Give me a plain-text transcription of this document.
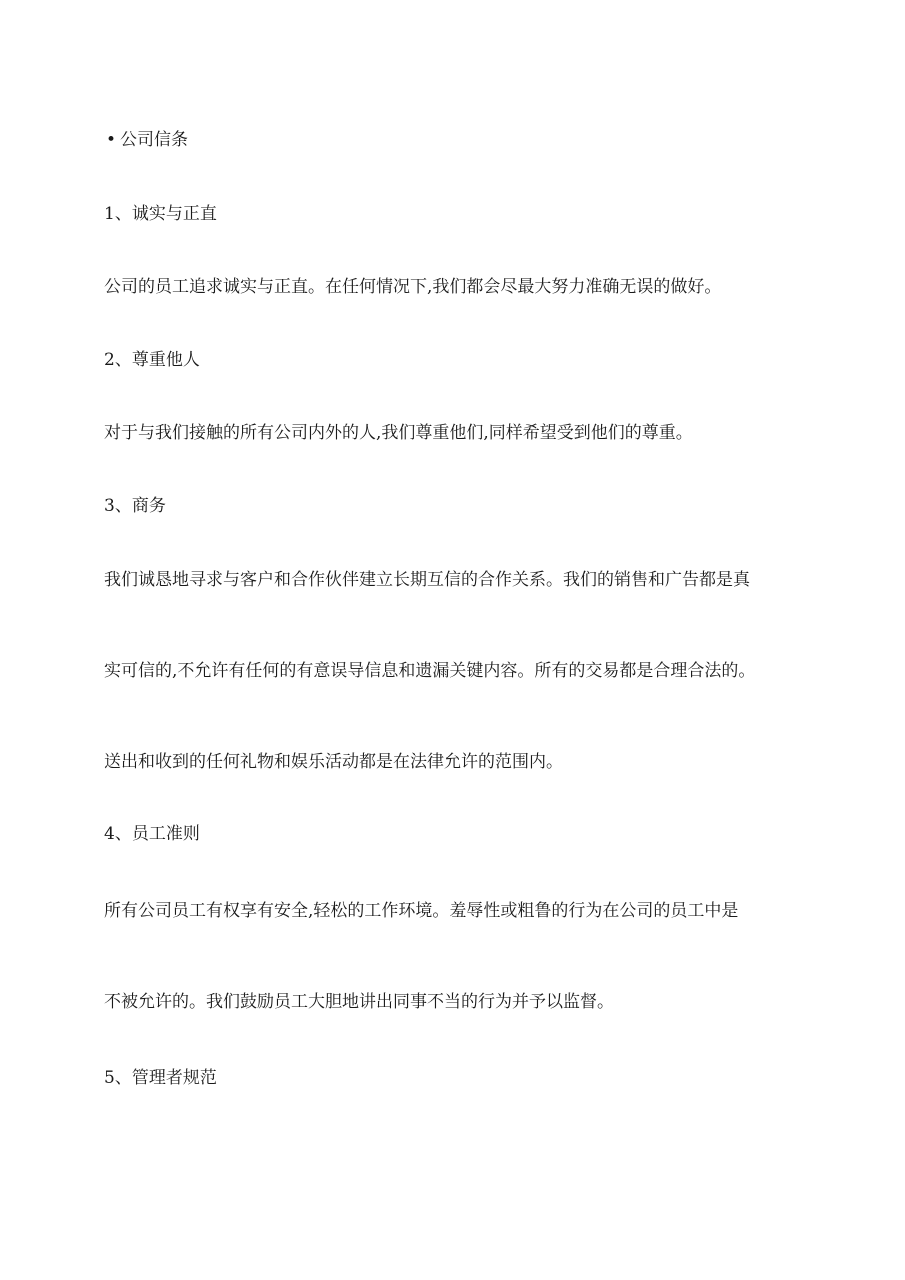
• 公司信条
1、诚实与正直
公司的员工追求诚实与正直。在任何情况下,我们都会尽最大努力准确无误的做好。
2、尊重他人
对于与我们接触的所有公司内外的人,我们尊重他们,同样希望受到他们的尊重。
3、商务
我们诚恳地寻求与客户和合作伙伴建立长期互信的合作关系。我们的销售和广告都是真
实可信的,不允许有任何的有意误导信息和遗漏关键内容。所有的交易都是合理合法的。
送出和收到的任何礼物和娱乐活动都是在法律允许的范围内。
4、员工准则
所有公司员工有权享有安全,轻松的工作环境。羞辱性或粗鲁的行为在公司的员工中是
不被允许的。我们鼓励员工大胆地讲出同事不当的行为并予以监督。
5、管理者规范
